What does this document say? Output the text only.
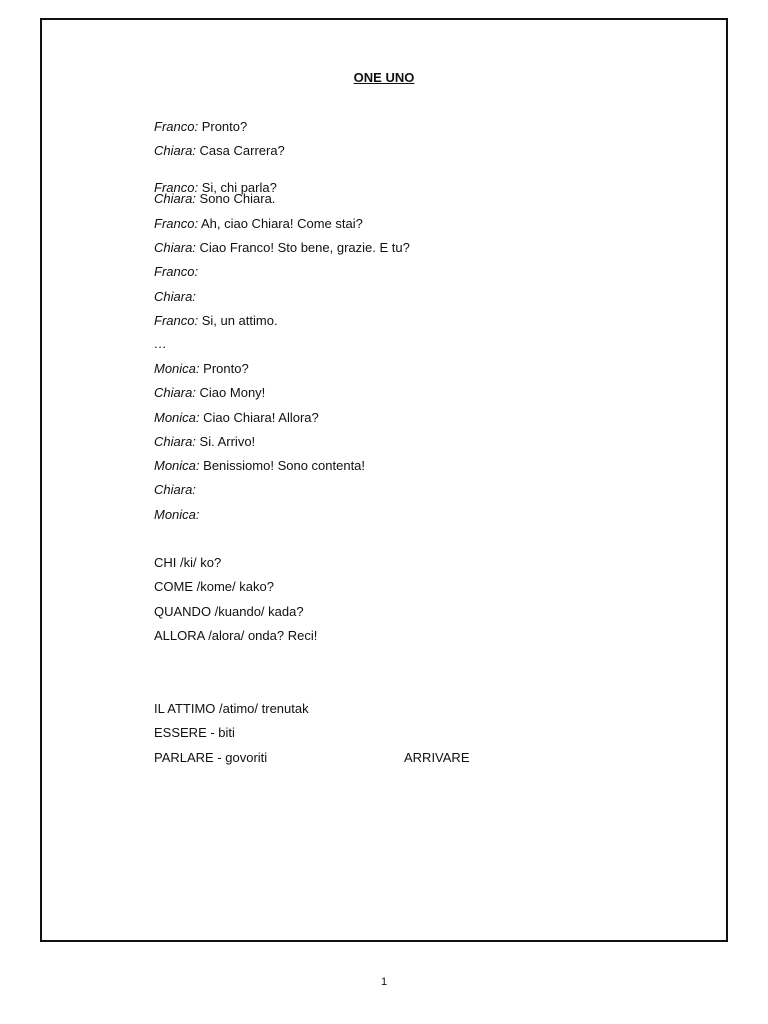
ONE UNO
Franco: Pronto?
Chiara: Casa Carrera?
Franco: Si, chi parla?
Chiara: Sono Chiara.
Franco: Ah, ciao Chiara! Come stai?
Chiara: Ciao Franco! Sto bene, grazie. E tu?
Franco:
Chiara:
Franco: Si, un attimo.
…
Monica: Pronto?
Chiara: Ciao Mony!
Monica: Ciao Chiara! Allora?
Chiara: Si. Arrivo!
Monica: Benissiomo! Sono contenta!
Chiara:
Monica:
CHI /ki/ ko?
COME /kome/ kako?
QUANDO /kuando/ kada?
ALLORA /alora/ onda? Reci!
IL ATTIMO /atimo/ trenutak
ESSERE - biti
PARLARE - govoriti	ARRIVARE
1
